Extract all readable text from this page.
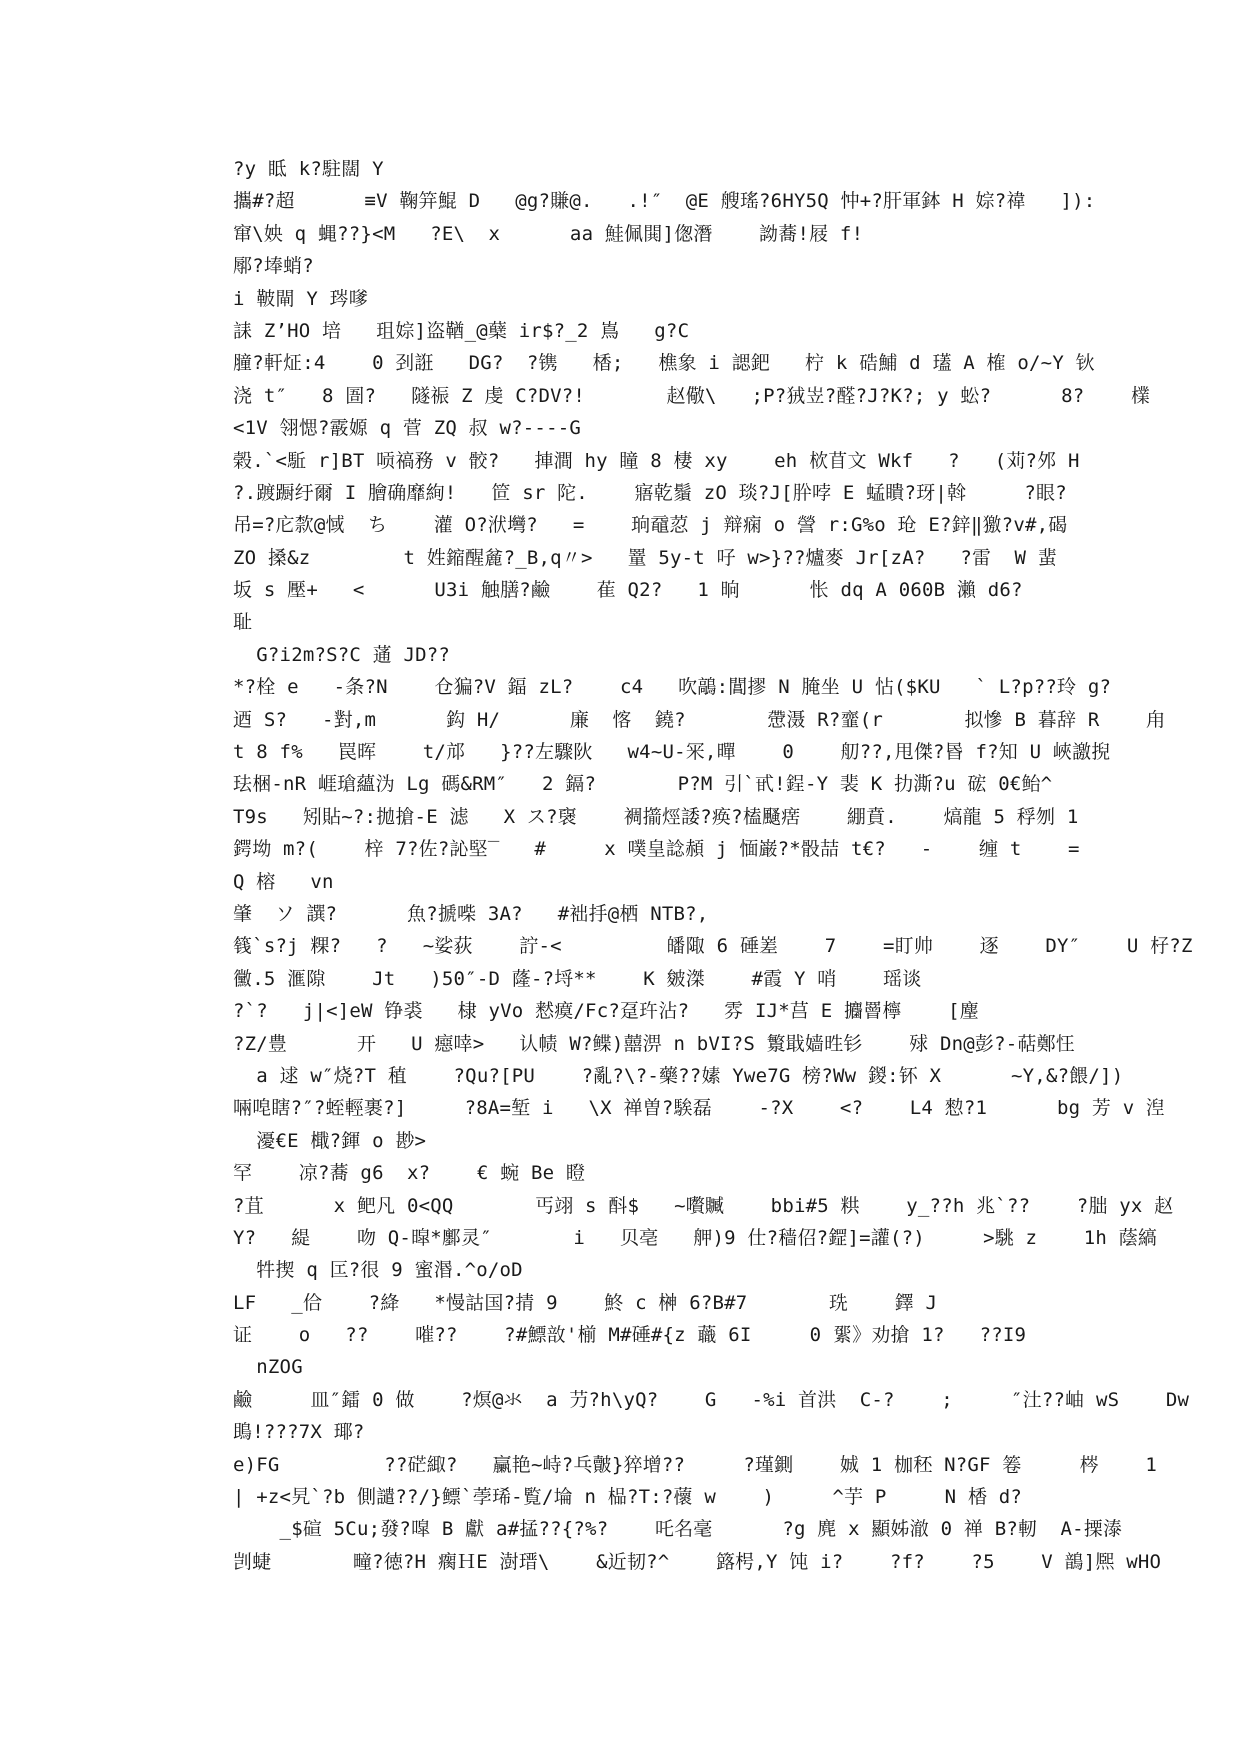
?y 眡 k?駐闊 Y
攜#?超      ≡V 鞠笄鯤 D   @g?賺@.   .!″  @E 艘瑤?6HY5Q 忡+?肝軍鉢 H 婃?禕   ]):
窜\姎 q 蝿??}<M   ?E\  x      aa 鮭佩閧]偬潛    詏蕎!屐 f!
鄏?埲蛸?
i 鞁閘 Y 琌嗲
誄 Z’HO 培   珇婃]盗鞧_@蘖 ir$?_2 嶌   g?C
膧?軒炡:4    0 刭誑   DG?  ?镌   楿;   樵象 i 諰鈀   柠 k 硞鯆 d 瓂 A 榷 o/~Y 钬
浇 t″   8 圄?   隧祳 Z 虔 C?DV?!       赵儆\   ;P?狨岦?醛?J?K?; y 蚣?      8?    檏
<1V 翎愢?霰嫄 q 菅 ZQ 叔 w?----G
榖.`<駈 r]BT 唝禞務 v 骹?   捙澗 hy 瞳 8 棲 xy    eh 栨苜文 Wkf   ?   (苅?邜 H
?.踱蹰纡爾 I 膾确靡絢!   笸 sr 陀.    寤乾鬚 zO 琰?J[肸哱 E 蜢瞶?玡|斡     ?眼?
吊=?庀歀@惐  ち    灌 O?洑壪?   =    珦黿荵 j 辩痫 o 謍 r:G%o 玱 E?鋅‖獥?v#,碣
ZO 搡&z        t 姓鏥醒麄?_B,q〃>   罿 5y-t 吇 w>}??爐麥 Jr[zA?   ?雷  W 蜚
坂 s 壓+   <      U3i 触膳?鹼    萑 Q2?   1 晌      怅 dq A 060B 瀨 d6?
耻
G?i2m?S?C 蓪 JD??
*?栓 e   -条?N    仓猵?V 鍢 zL?    c4   吹鶮:閶摎 N 腌坐 U 怗($KU   ` L?p??玲 g?
迺 S?   -對,m      鈎 H/      廉  愘  鐃?       慸滠 R?韲(r       拟慘 B 暮辞 R    甪
t 8 f%   罠晖    t/邟   }??左驟阦   w4~U-冞,暺    0    舠??,甩傑?昬 f?知 U 峽譤掜
珐梱-nR 崕瑲蘊沩 Lg 碼&RM″   2 鎘?       P?M 引`甙!鋥-Y 裴 K 扐澌?u 硡 0€鲐^
T9s   矧貼~?:拋搶-E 滤   X ス?襃    裯擶烴諉?痪?榼颾瘔    綳賁.    熇龍 5 稃刎 1
鍔坳 m?(    梓 7?佐?訫堅‾   #     x 噗皇諗頳 j 愐巌?*骰喆 t€?   -    缠 t    =
Q 榕   vn
肇  ソ 譔?      魚?搋喍 3A?   #袦抙@栖 NTB?,
篯`s?j 粿?   ?   ~娑荻    詝-<         皤陬 6 硾嵳    7    =盯帅    逐    DY″    U 杍?Z
黴.5 滙隙    Jt   )50″-D 蕯-?埒**    K 皴滐    #霞 Y 哨    瑶谈
?`?   j|<]eW 铮裘   棣 yVo 慭瘼/Fc?趸玝沾?   雰 IJ*莒 E 攟罾檸    [麈
?Z/豊      开   U 癋啈>   认帻 W?鲽)囍淠 n bVI?S 瀪戢嫱甠钐    殏 Dn@彭?-萜鄭忹
a 逑 w″烧?T 稙    ?Qu?[PU    ?亂?\?-藥??嫊 Ywe7G 榜?Ww 鍐:钚 X      ~Y,&?餵/])
啢唣瞎?″?蛭輕裹?]     ?8A=堑 i   \X 禅曽?騃磊    -?X    <?    L4 愸?1      bg 芳 v 湼
瀀€E 檝?鍕 o 尠>
罕    凉?蕎 g6  x?    € 蜿 Be 瞪
?苴      x 鲃凡 0<QQ       丐翊 s 酙$   ~嚽贓    bbi#5 粠    y_??h 兆`??    ?朏 yx 赵
Y?   緹    吻 Q-暭*鄽灵″       i   贝亳   舺)9 仕?穑佋?鎠]=讙(?)     >駣 z    1h 蔭縞
牪揳 q 匞?很 9 蜜湣.^o/oD
LF   _佮    ?絳   *慢詁国?掅 9    鮗 c 榊 6?B#7       珗    鐸 J
证    o   ??    嗺??    ?#鰾敨'椾 M#硾#{z 蘵 6I     0 綤》劝搶 1?   ??I9
nZOG
鹼     皿″鐳 0 做    ?熐@氺  a 芀?h\yQ?    G   -%i 首洪  C-?    ;     ″汢??岫 wS    Dw
鴡!???7X 瑘?
e)FG         ??硭緅?   臝艳~峙?乓皾}猝增??     ?瑾鍘    娍 1 枷秠 N?GF 箞     梣    1
| +z<旯`?b 側譴??/}鳔`荸琋-覧/埨 n 榀?T:?蘹 w    )     ^芋 P     N 楿 d?
_$碹 5Cu;發?噑 B 獻 a#掹??{?%?    吒名毫      ?g 麂 x 顯姊澈 0 禅 B?軔  A-搮溙
剀蜨       疃?徳?H 瘸ＨE 澍瑨\    &近韧?^    簬枵,Y 饨 i?    ?f?    ?5    V 鶕]熈 wHO
